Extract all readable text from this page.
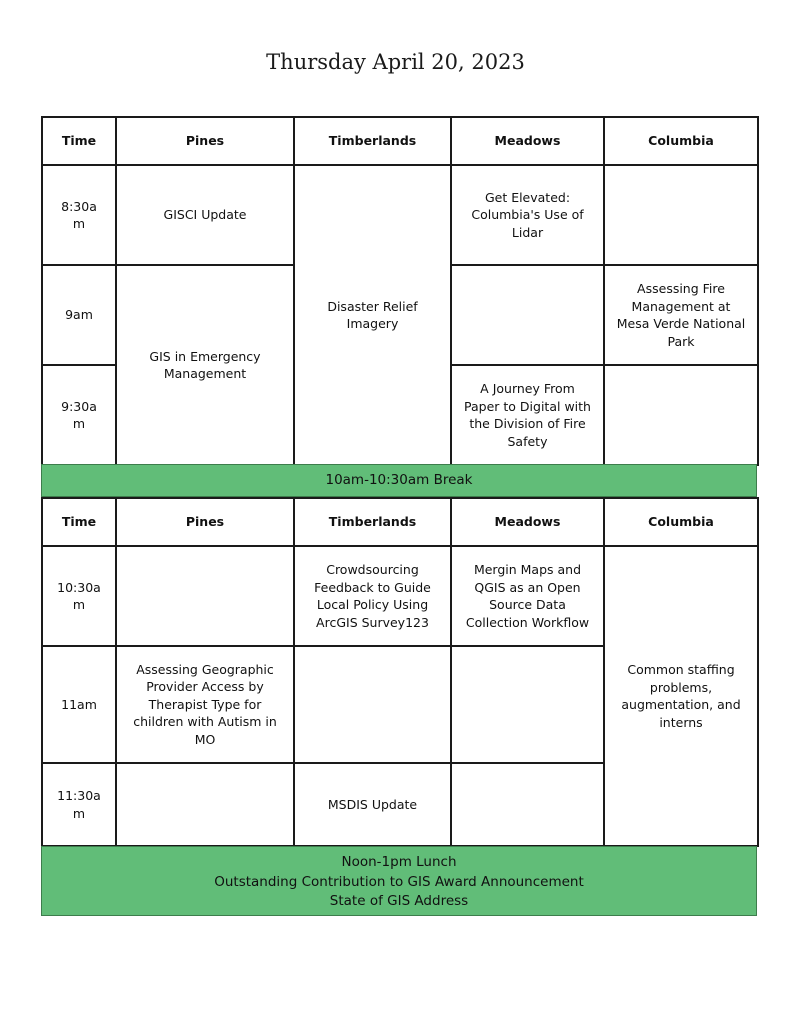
Thursday April 20, 2023
Time	Pines	Timberlands	Meadows	Columbia
8:30a
m	GISCI Update	Disaster Relief Imagery	Get Elevated: Columbia's Use of Lidar	
9am	GIS in Emergency Management			Assessing Fire Management at Mesa Verde National Park
9:30a
m			A Journey From Paper to Digital with the Division of Fire Safety	
10am-10:30am Break
Time	Pines	Timberlands	Meadows	Columbia
10:30a
m		Crowdsourcing Feedback to Guide Local Policy Using ArcGIS Survey123	Mergin Maps and QGIS as an Open Source Data Collection Workflow	Common staffing problems, augmentation, and interns
11am	Assessing Geographic Provider Access by Therapist Type for children with Autism in MO			
11:30a
m		MSDIS Update		
Noon-1pm Lunch
Outstanding Contribution to GIS Award Announcement
State of GIS Address
